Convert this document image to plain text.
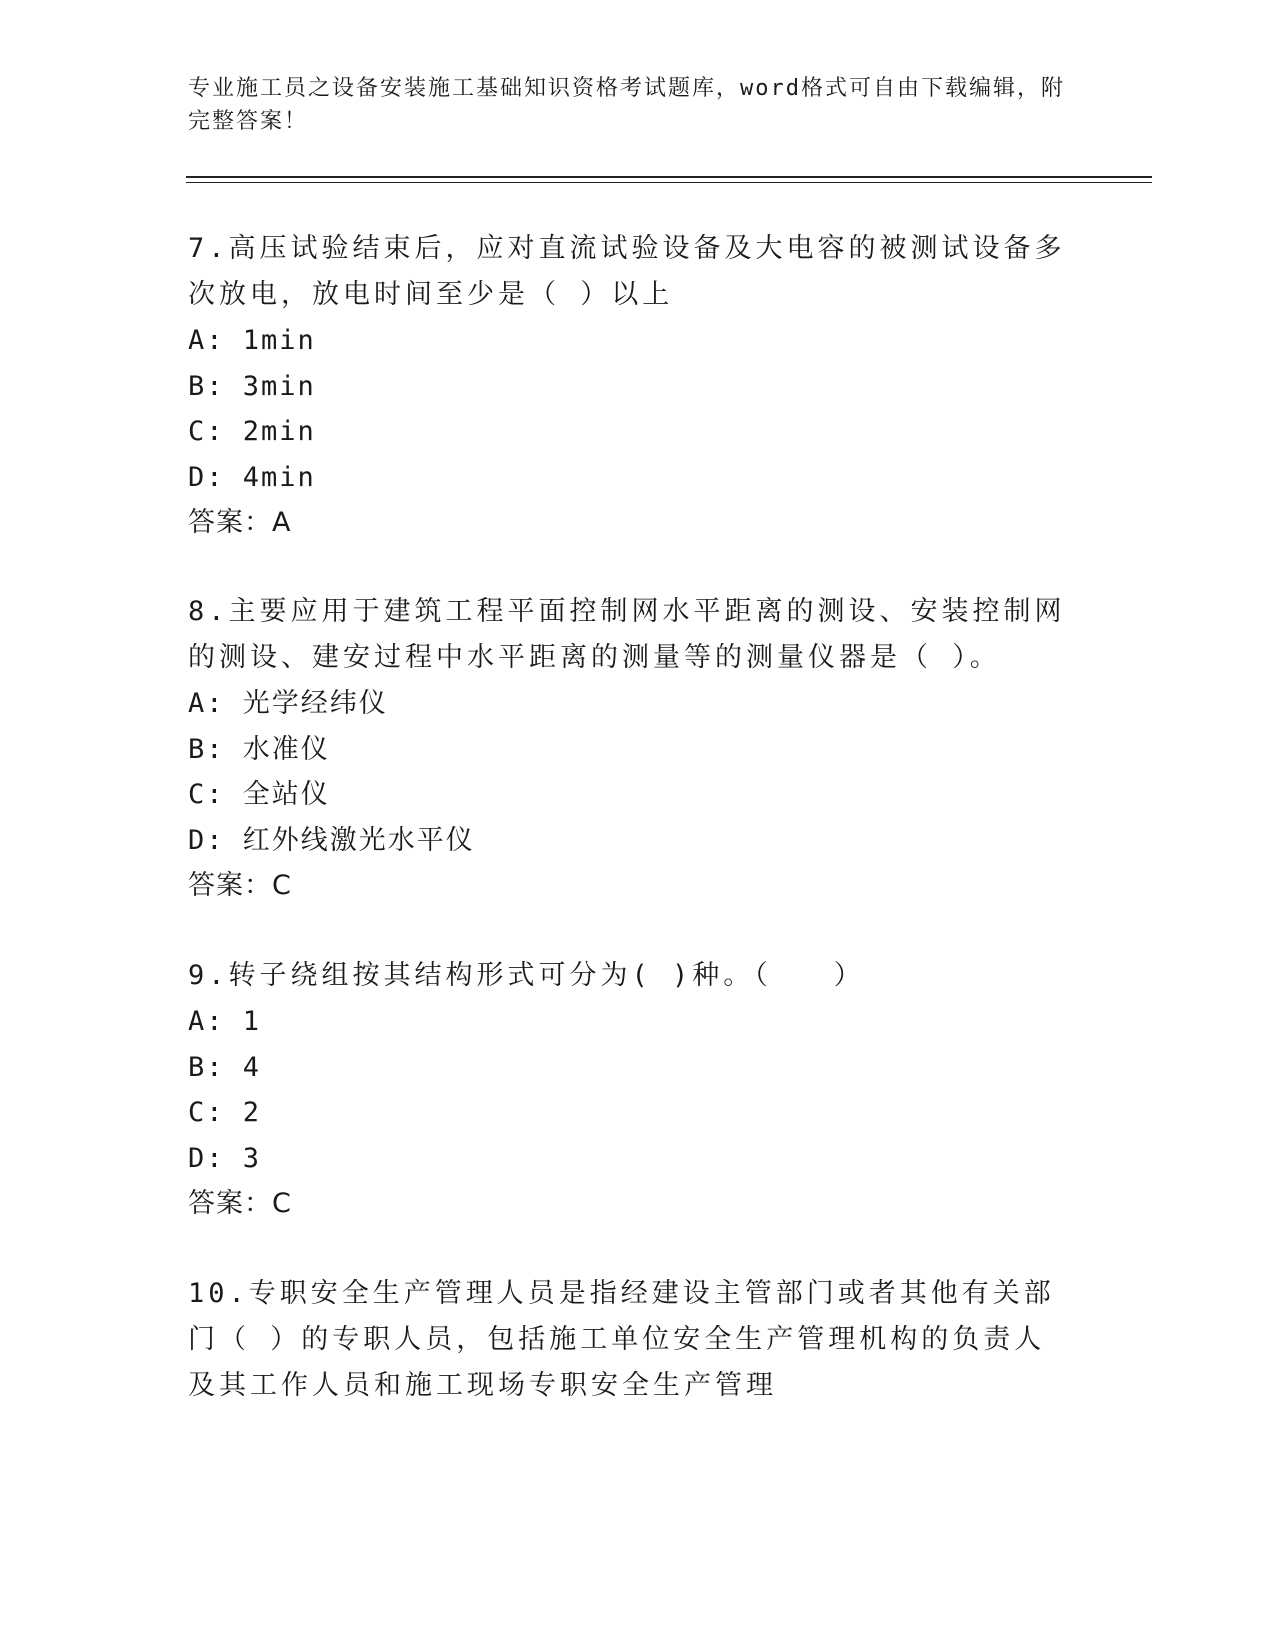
专业施工员之设备安装施工基础知识资格考试题库，word格式可自由下载编辑，附完整答案！

7.高压试验结束后，应对直流试验设备及大电容的被测试设备多次放电，放电时间至少是（ ）以上

A: 1min

B: 3min

C: 2min

D: 4min

答案：A

8.主要应用于建筑工程平面控制网水平距离的测设、安装控制网的测设、建安过程中水平距离的测量等的测量仪器是（ ）。

A: 光学经纬仪

B: 水准仪

C: 全站仪

D: 红外线激光水平仪

答案：C

9.转子绕组按其结构形式可分为( )种。（　　）

A: 1

B: 4

C: 2

D: 3

答案：C

10.专职安全生产管理人员是指经建设主管部门或者其他有关部门（ ）的专职人员，包括施工单位安全生产管理机构的负责人及其工作人员和施工现场专职安全生产管理
